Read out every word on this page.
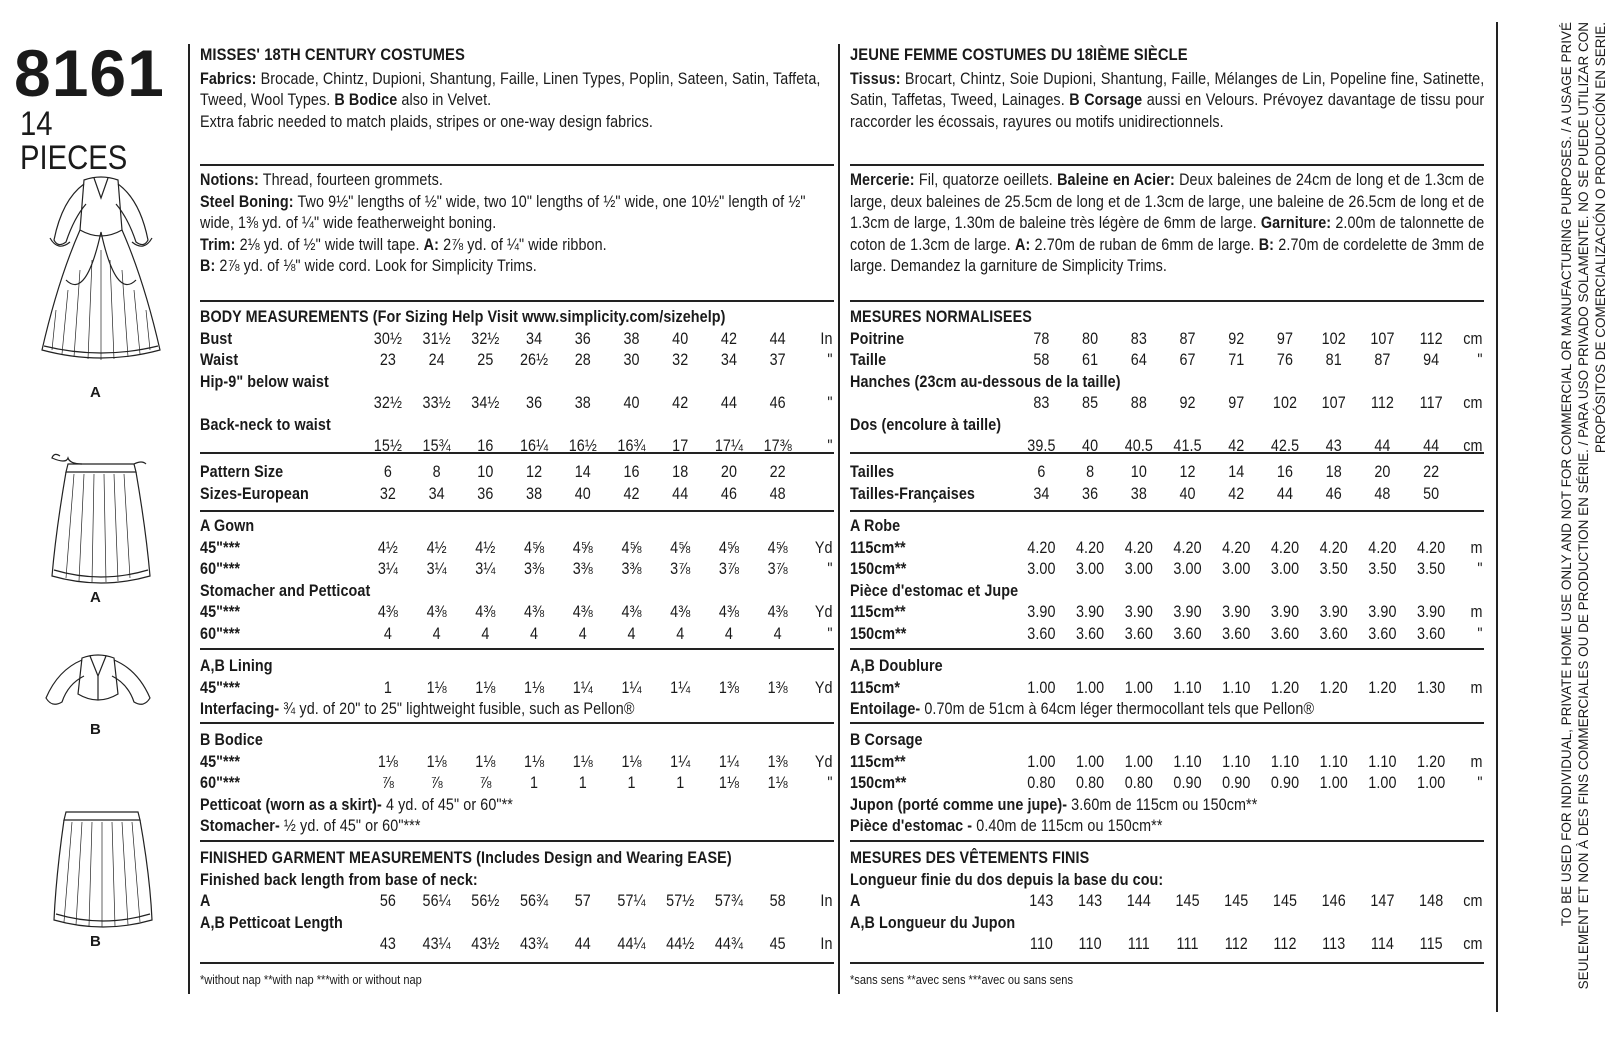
8161
14 PIECES
A
A
B
B
MISSES' 18TH CENTURY COSTUMES
Fabrics: Brocade, Chintz, Dupioni, Shantung, Faille, Linen Types, Poplin, Sateen, Satin, Taffeta, Tweed, Wool Types. B Bodice also in Velvet.
Extra fabric needed to match plaids, stripes or one-way design fabrics.
Notions: Thread, fourteen grommets.
Steel Boning: Two 9½" lengths of ½" wide, two 10" lengths of ½" wide, one 10½" length of ½" wide, 1⅜ yd. of ¼" wide featherweight boning.
Trim: 2⅛ yd. of ½" wide twill tape. A: 2⅞ yd. of ¼" wide ribbon.
B: 2⅞ yd. of ⅛" wide cord. Look for Simplicity Trims.
BODY MEASUREMENTS (For Sizing Help Visit www.simplicity.com/sizehelp)
Bust	30½	31½	32½	34	36	38	40	42	44	In
Waist	23	24	25	26½	28	30	32	34	37	"
Hip-9" below waist										
	32½	33½	34½	36	38	40	42	44	46	"
Back-neck to waist										
	15½	15¾	16	16¼	16½	16¾	17	17¼	17⅜	"
Pattern Size	6	8	10	12	14	16	18	20	22	
Sizes-European	32	34	36	38	40	42	44	46	48	
A Gown										
45"***	4½	4½	4½	4⅝	4⅝	4⅝	4⅝	4⅝	4⅝	Yd
60"***	3¼	3¼	3¼	3⅜	3⅜	3⅜	3⅞	3⅞	3⅞	"
Stomacher and Petticoat										
45"***	4⅜	4⅜	4⅜	4⅜	4⅜	4⅜	4⅜	4⅜	4⅜	Yd
60"***	4	4	4	4	4	4	4	4	4	"
A,B Lining
45"***	1	1⅛	1⅛	1⅛	1¼	1¼	1¼	1⅜	1⅜	Yd
Interfacing- ¾ yd. of 20" to 25" lightweight fusible, such as Pellon®
B Bodice										
45"***	1⅛	1⅛	1⅛	1⅛	1⅛	1⅛	1¼	1¼	1⅜	Yd
60"***	⅞	⅞	⅞	1	1	1	1	1⅛	1⅛	"
Petticoat (worn as a skirt)- 4 yd. of 45" or 60"**
Stomacher- ½ yd. of 45" or 60"***
FINISHED GARMENT MEASUREMENTS (Includes Design and Wearing EASE)
Finished back length from base of neck:										
A	56	56¼	56½	56¾	57	57¼	57½	57¾	58	In
A,B Petticoat Length										
	43	43¼	43½	43¾	44	44¼	44½	44¾	45	In
*without nap **with nap ***with or without nap
JEUNE FEMME COSTUMES DU 18IÈME SIÈCLE
Tissus: Brocart, Chintz, Soie Dupioni, Shantung, Faille, Mélanges de Lin, Popeline fine, Satinette, Satin, Taffetas, Tweed, Lainages. B Corsage aussi en Velours. Prévoyez davantage de tissu pour raccorder les écossais, rayures ou motifs unidirectionnels.
Mercerie: Fil, quatorze oeillets. Baleine en Acier: Deux baleines de 24cm de long et de 1.3cm de large, deux baleines de 25.5cm de long et de 1.3cm de large, une baleine de 26.5cm de long et de 1.3cm de large, 1.30m de baleine très légère de 6mm de large. Garniture: 2.00m de talonnette de coton de 1.3cm de large. A: 2.70m de ruban de 6mm de large. B: 2.70m de cordelette de 3mm de large. Demandez la garniture de Simplicity Trims.
MESURES NORMALISEES
Poitrine	78	80	83	87	92	97	102	107	112	cm
Taille	58	61	64	67	71	76	81	87	94	"
Hanches (23cm au-dessous de la taille)										
	83	85	88	92	97	102	107	112	117	cm
Dos (encolure à taille)										
	39.5	40	40.5	41.5	42	42.5	43	44	44	cm
Tailles	6	8	10	12	14	16	18	20	22	
Tailles-Françaises	34	36	38	40	42	44	46	48	50	
A Robe										
115cm**	4.20	4.20	4.20	4.20	4.20	4.20	4.20	4.20	4.20	m
150cm**	3.00	3.00	3.00	3.00	3.00	3.00	3.50	3.50	3.50	"
Pièce d'estomac et Jupe										
115cm**	3.90	3.90	3.90	3.90	3.90	3.90	3.90	3.90	3.90	m
150cm**	3.60	3.60	3.60	3.60	3.60	3.60	3.60	3.60	3.60	"
A,B Doublure
115cm*	1.00	1.00	1.00	1.10	1.10	1.20	1.20	1.20	1.30	m
Entoilage- 0.70m de 51cm à 64cm léger thermocollant tels que Pellon®
B Corsage										
115cm**	1.00	1.00	1.00	1.10	1.10	1.10	1.10	1.10	1.20	m
150cm**	0.80	0.80	0.80	0.90	0.90	0.90	1.00	1.00	1.00	"
Jupon (porté comme une jupe)- 3.60m de 115cm ou 150cm**
Pièce d'estomac - 0.40m de 115cm ou 150cm**
MESURES DES VÊTEMENTS FINIS
Longueur finie du dos depuis la base du cou:										
A	143	143	144	145	145	145	146	147	148	cm
A,B Longueur du Jupon										
	110	110	111	111	112	112	113	114	115	cm
*sans sens **avec sens ***avec ou sans sens
TO BE USED FOR INDIVIDUAL, PRIVATE HOME USE ONLY AND NOT FOR COMMERCIAL OR MANUFACTURING PURPOSES. / A USAGE PRIVÉ SEULEMENT ET NON À DES FINS COMMERCIALES OU DE PRODUCTION EN SÉRIE. / PARA USO PRIVADO SOLAMENTE. NO SE PUEDE UTILIZAR CON PROPÓSITOS DE COMERCIALIZACIÓN O PRODUCCIÓN EN SERIE.
